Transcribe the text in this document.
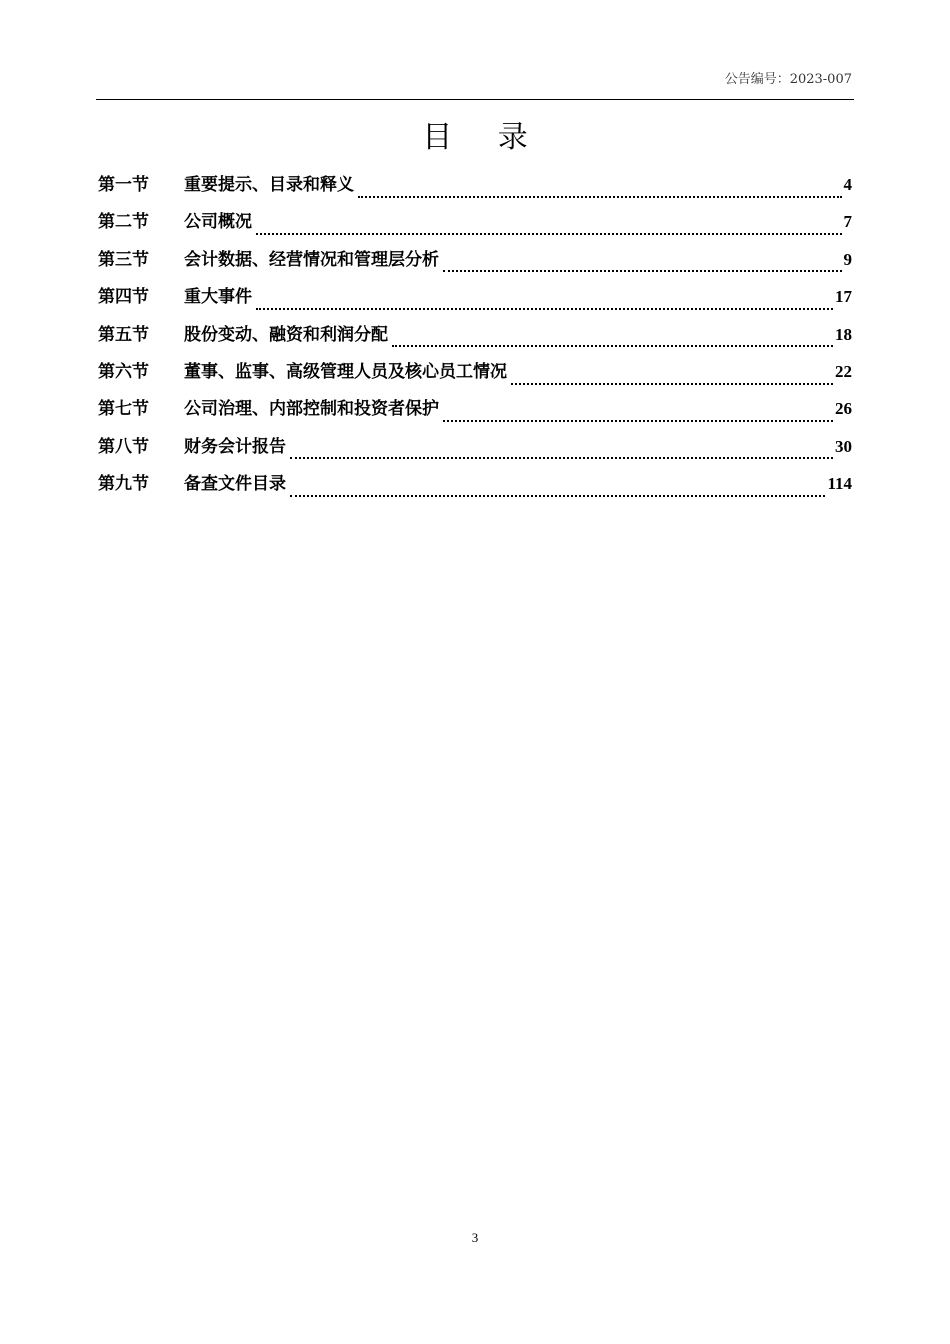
公告编号：2023-007
目 录
第一节	重要提示、目录和释义	4
第二节	公司概况	7
第三节	会计数据、经营情况和管理层分析	9
第四节	重大事件	17
第五节	股份变动、融资和利润分配	18
第六节	董事、监事、高级管理人员及核心员工情况	22
第七节	公司治理、内部控制和投资者保护	26
第八节	财务会计报告	30
第九节	备查文件目录	114
3
